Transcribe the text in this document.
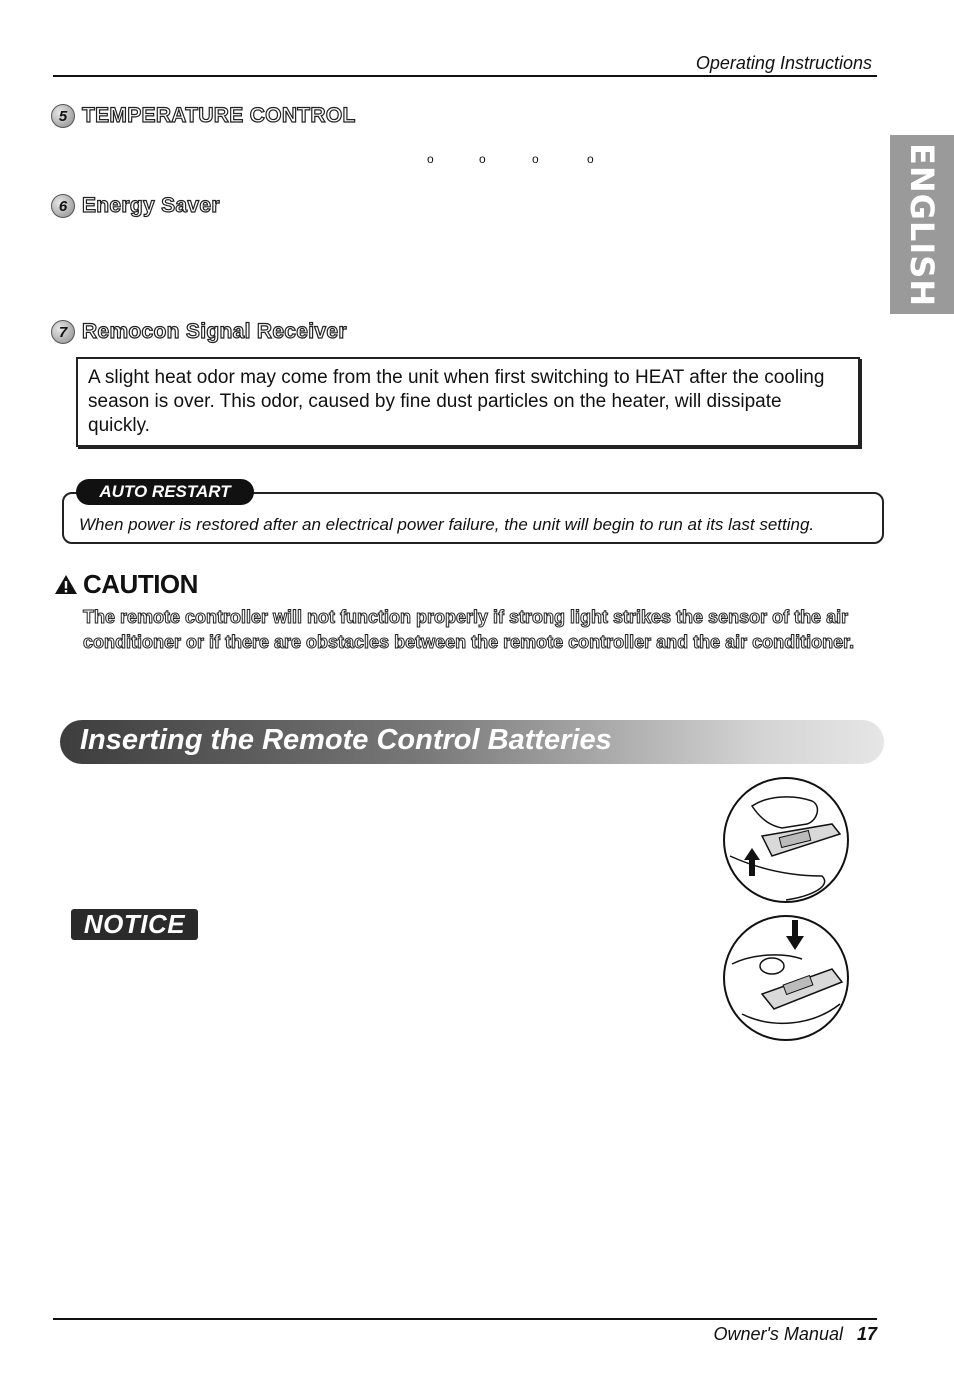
Operating Instructions
ENGLISH
5 TEMPERATURE CONTROL
o	o	o	o
6 Energy Saver
7 Remocon Signal Receiver
A slight heat odor may come from the unit when first switching to HEAT after the cooling season is over. This odor, caused by fine dust particles on the heater, will dissipate quickly.
AUTO RESTART
When power is restored after an electrical power failure, the unit will begin to run at its last setting.
CAUTION
The remote controller will not function properly if strong light strikes the sensor of the air conditioner or if there are obstacles between the remote controller and the air conditioner.
Inserting the Remote Control Batteries
NOTICE
Owner's Manual 17
